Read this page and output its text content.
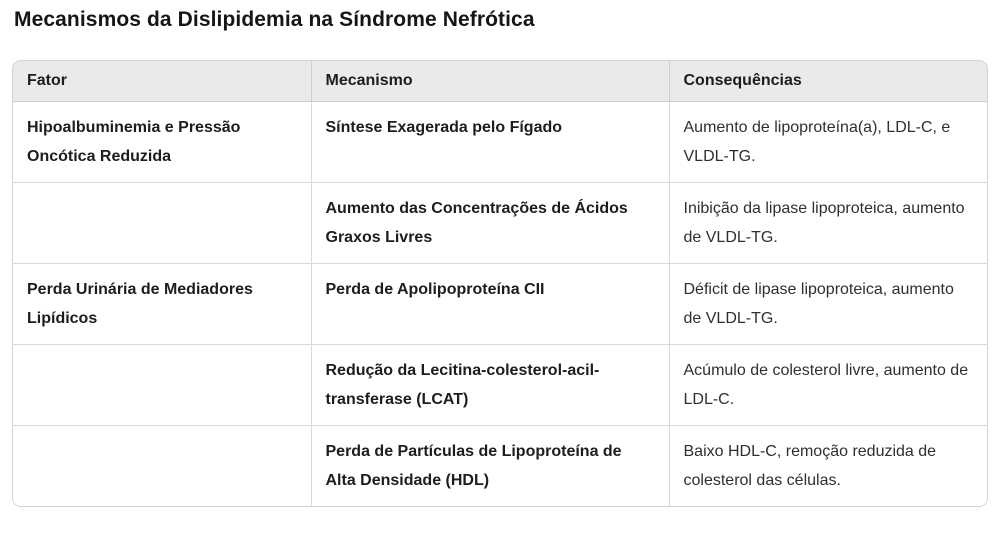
Mecanismos da Dislipidemia na Síndrome Nefrótica
Fator	Mecanismo	Consequências
Hipoalbuminemia e Pressão Oncótica Reduzida	Síntese Exagerada pelo Fígado	Aumento de lipoproteína(a), LDL-C, e VLDL-TG.
	Aumento das Concentrações de Ácidos Graxos Livres	Inibição da lipase lipoproteica, aumento de VLDL-TG.
Perda Urinária de Mediadores Lipídicos	Perda de Apolipoproteína CII	Déficit de lipase lipoproteica, aumento de VLDL-TG.
	Redução da Lecitina-colesterol-acil-transferase (LCAT)	Acúmulo de colesterol livre, aumento de LDL-C.
	Perda de Partículas de Lipoproteína de Alta Densidade (HDL)	Baixo HDL-C, remoção reduzida de colesterol das células.
